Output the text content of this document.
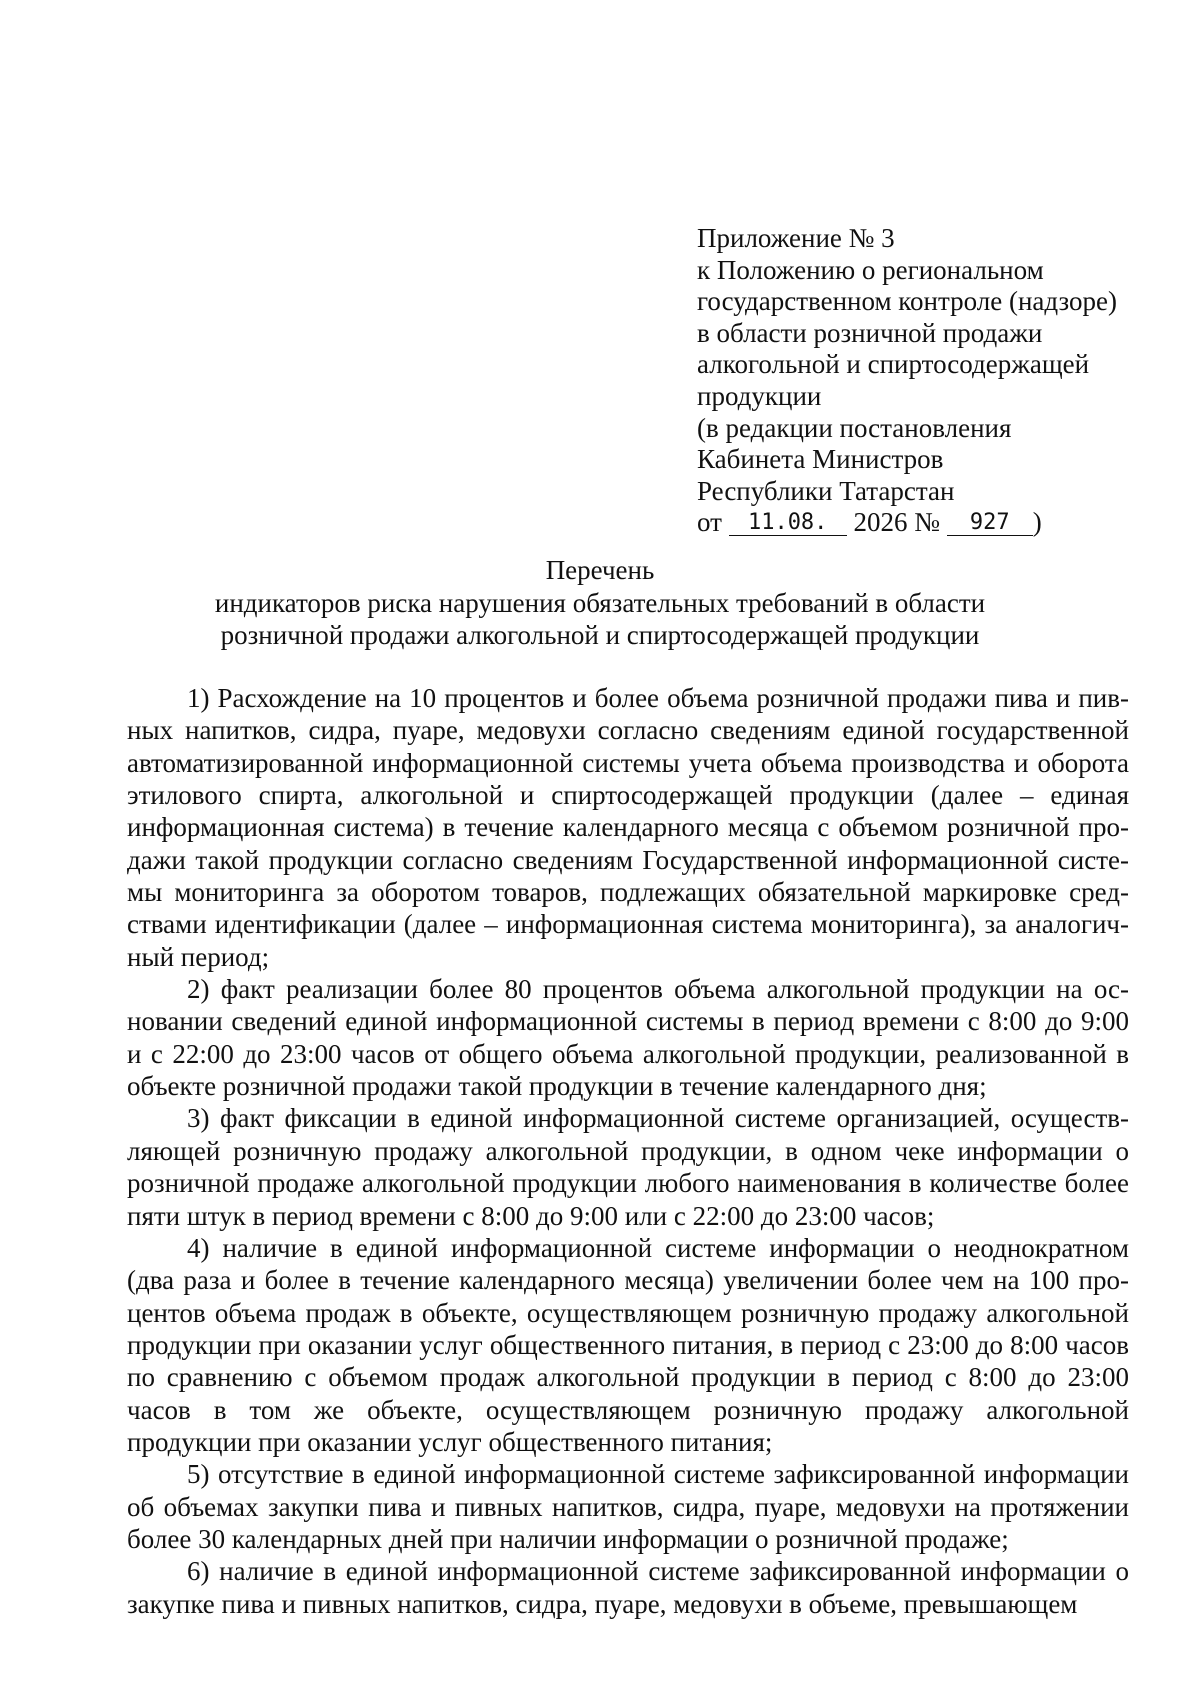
Приложение № 3
к Положению о региональном
государственном контроле (надзоре)
в области розничной продажи
алкогольной и спиртосодержащей
продукции
(в редакции постановления
Кабинета Министров
Республики Татарстан
от 11.08. 2026 № 927 )
Перечень
индикаторов риска нарушения обязательных требований в области
розничной продажи алкогольной и спиртосодержащей продукции

1) Расхождение на 10 процентов и более объема розничной продажи пива и пивных напитков, сидра, пуаре, медовухи согласно сведениям единой государственной автоматизированной информационной системы учета объема производства и оборота этилового спирта, алкогольной и спиртосодержащей продукции (далее – единая информационная система) в течение календарного месяца с объемом розничной продажи такой продукции согласно сведениям Государственной информационной системы мониторинга за оборотом товаров, подлежащих обязательной маркировке средствами идентификации (далее – информационная система мониторинга), за аналогичный период;

2) факт реализации более 80 процентов объема алкогольной продукции на основании сведений единой информационной системы в период времени с 8:00 до 9:00 и с 22:00 до 23:00 часов от общего объема алкогольной продукции, реализованной в объекте розничной продажи такой продукции в течение календарного дня;

3) факт фиксации в единой информационной системе организацией, осуществляющей розничную продажу алкогольной продукции, в одном чеке информации о розничной продаже алкогольной продукции любого наименования в количестве более пяти штук в период времени с 8:00 до 9:00 или с 22:00 до 23:00 часов;

4) наличие в единой информационной системе информации о неоднократном (два раза и более в течение календарного месяца) увеличении более чем на 100 процентов объема продаж в объекте, осуществляющем розничную продажу алкогольной продукции при оказании услуг общественного питания, в период с 23:00 до 8:00 часов по сравнению с объемом продаж алкогольной продукции в период с 8:00 до 23:00 часов в том же объекте, осуществляющем розничную продажу алкогольной продукции при оказании услуг общественного питания;

5) отсутствие в единой информационной системе зафиксированной информации об объемах закупки пива и пивных напитков, сидра, пуаре, медовухи на протяжении более 30 календарных дней при наличии информации о розничной продаже;

6) наличие в единой информационной системе зафиксированной информации о закупке пива и пивных напитков, сидра, пуаре, медовухи в объеме, превышающем
